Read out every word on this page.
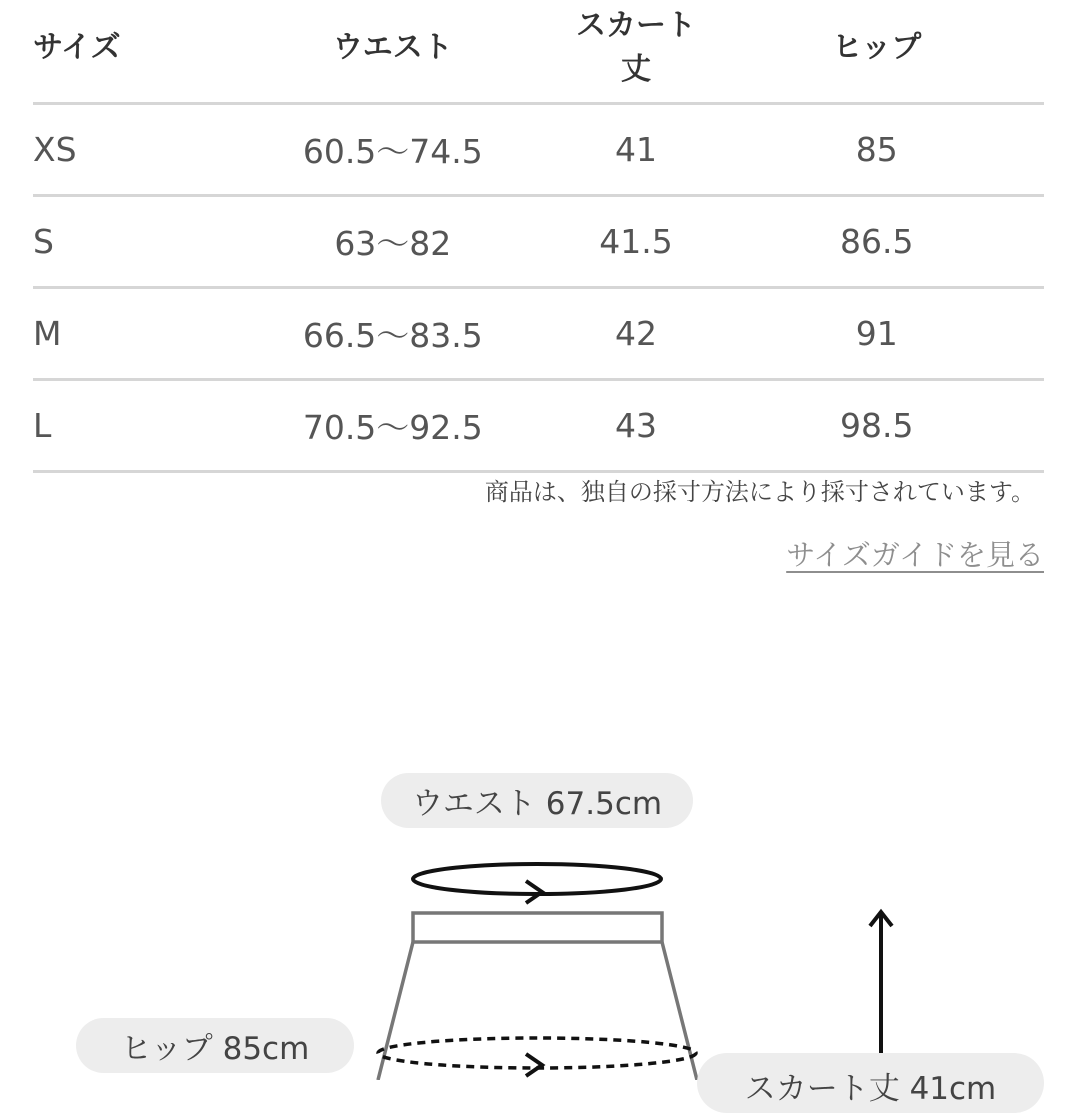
サイズ	ウエスト	スカート丈	ヒップ
XS	60.5〜74.5	41	85
S	63〜82	41.5	86.5
M	66.5〜83.5	42	91
L	70.5〜92.5	43	98.5
商品は、独自の採寸方法により採寸されています。
サイズガイドを見る
ウエスト 67.5cm
ヒップ 85cm
スカート丈 41cm
